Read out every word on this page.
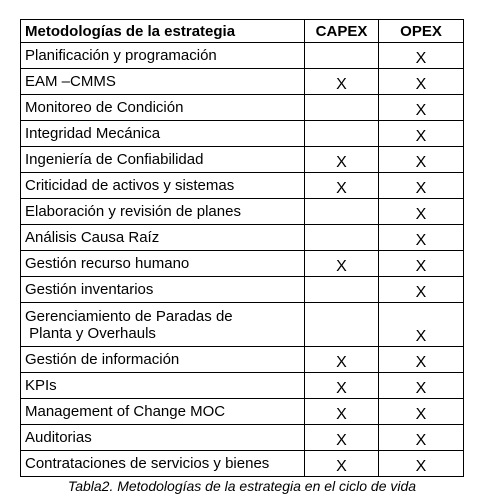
Tabla2. Metodologías de la estrategia en el ciclo de vida
Metodologías de la estrategia	CAPEX	OPEX
Planificación y programación		X
EAM –CMMS	X	X
Monitoreo de Condición		X
Integridad Mecánica		X
Ingeniería de Confiabilidad	X	X
Criticidad de activos y sistemas	X	X
Elaboración y revisión de planes		X
Análisis Causa Raíz		X
Gestión recurso humano	X	X
Gestión inventarios		X

Gerenciamiento de Paradas de
Planta y Overhauls		X
Gestión de información	X	X
KPIs	X	X
Management of Change MOC	X	X
Auditorias	X	X
Contrataciones de servicios y bienes	X	X
